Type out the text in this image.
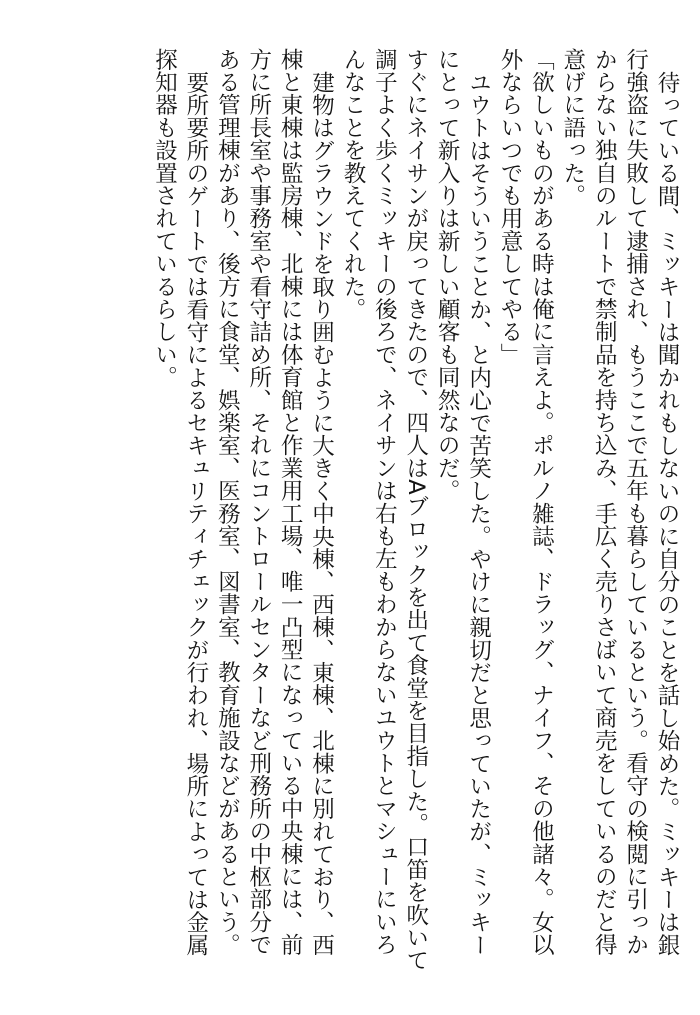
待っている間、ミッキーは聞かれもしないのに自分のことを話し始めた。ミッキーは銀行強盗に失敗して逮捕され、もうここで五年も暮らしているという。看守の検閲に引っかからない独自のルートで禁制品を持ち込み、手広く売りさばいて商売をしているのだと得意げに語った。

「欲しいものがある時は俺に言えよ。ポルノ雑誌、ドラッグ、ナイフ、その他諸々。女以外ならいつでも用意してやる」

ユウトはそういうことか、と内心で苦笑した。やけに親切だと思っていたが、ミッキーにとって新入りは新しい顧客も同然なのだ。

すぐにネイサンが戻ってきたので、四人はAブロックを出て食堂を目指した。口笛を吹いて調子よく歩くミッキーの後ろで、ネイサンは右も左もわからないユウトとマシューにいろんなことを教えてくれた。

建物はグラウンドを取り囲むように大きく中央棟、西棟、東棟、北棟に別れており、西棟と東棟は監房棟、北棟には体育館と作業用工場、唯一凸型になっている中央棟には、前方に所長室や事務室や看守詰め所、それにコントロールセンターなど刑務所の中枢部分である管理棟があり、後方に食堂、娯楽室、医務室、図書室、教育施設などがあるという。

要所要所のゲートでは看守によるセキュリティチェックが行われ、場所によっては金属探知器も設置されているらしい。
